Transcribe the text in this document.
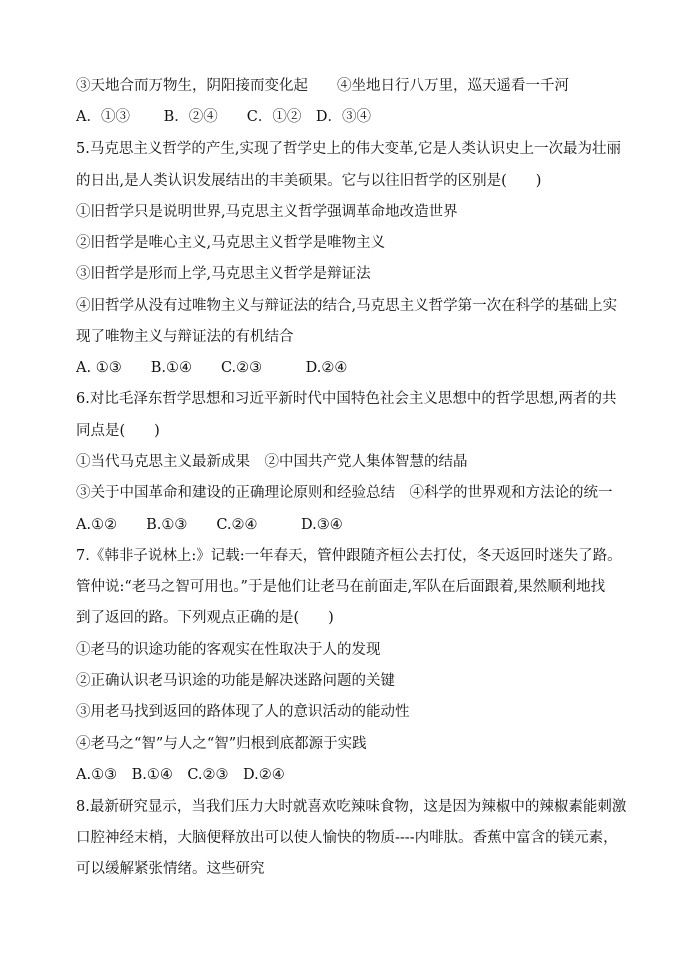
③天地合而万物生，阴阳接而变化起　　④坐地日行八万里，巡天遥看一千河
A．①③　　 B．②④　　C．①②　D．③④
5.马克思主义哲学的产生,实现了哲学史上的伟大变革,它是人类认识史上一次最为壮丽
的日出,是人类认识发展结出的丰美硕果。它与以往旧哲学的区别是(　　)
①旧哲学只是说明世界,马克思主义哲学强调革命地改造世界
②旧哲学是唯心主义,马克思主义哲学是唯物主义
③旧哲学是形而上学,马克思主义哲学是辩证法
④旧哲学从没有过唯物主义与辩证法的结合,马克思主义哲学第一次在科学的基础上实
现了唯物主义与辩证法的有机结合
A. ①③　　B.①④　　C.②③　　　D.②④
6.对比毛泽东哲学思想和习近平新时代中国特色社会主义思想中的哲学思想,两者的共
同点是(　　)
①当代马克思主义最新成果　②中国共产党人集体智慧的结晶
③关于中国革命和建设的正确理论原则和经验总结　④科学的世界观和方法论的统一
A.①②　　B.①③　　C.②④　　　D.③④
7.《韩非子说林上:》记载:一年春天，管仲跟随齐桓公去打仗，冬天返回时迷失了路。
管仲说:“老马之智可用也。”于是他们让老马在前面走,军队在后面跟着,果然顺利地找
到了返回的路。下列观点正确的是(　　)
①老马的识途功能的客观实在性取决于人的发现
②正确认识老马识途的功能是解决迷路问题的关键
③用老马找到返回的路体现了人的意识活动的能动性
④老马之“智”与人之“智”归根到底都源于实践
A.①③　B.①④　C.②③　D.②④
8.最新研究显示，当我们压力大时就喜欢吃辣味食物，这是因为辣椒中的辣椒素能刺激
口腔神经末梢，大脑便释放出可以使人愉快的物质----内啡肽。香蕉中富含的镁元素，
可以缓解紧张情绪。这些研究
